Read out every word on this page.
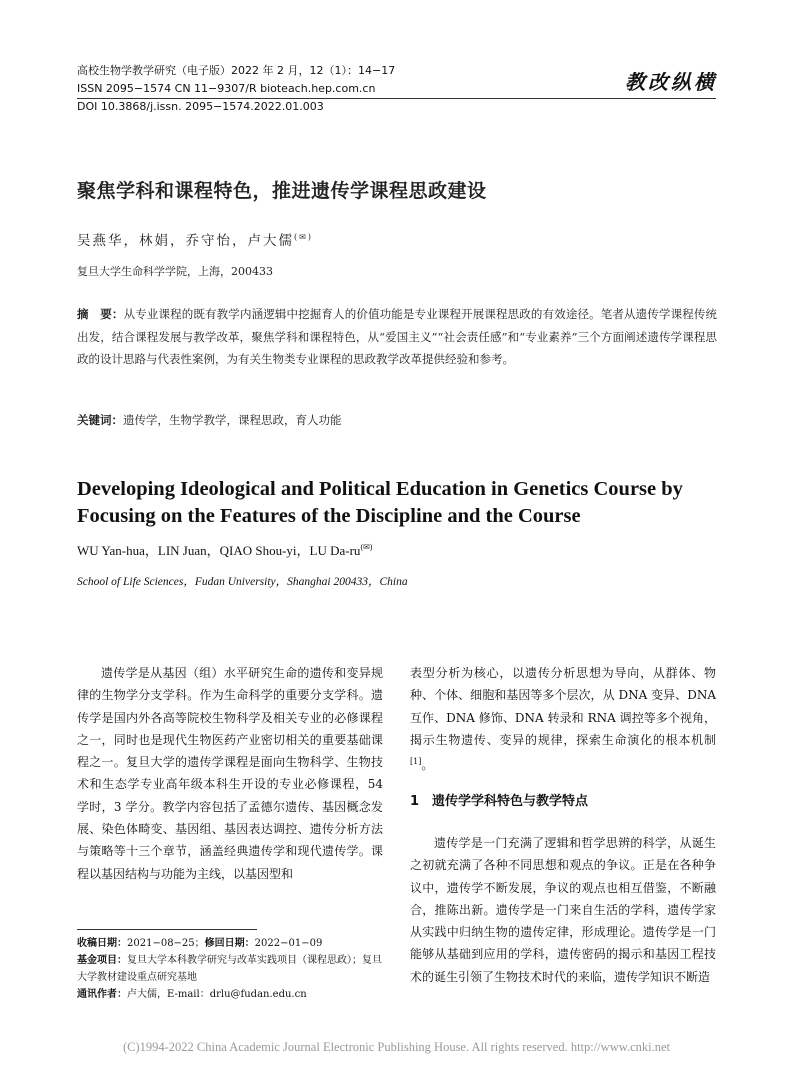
高校生物学教学研究（电子版）2022 年 2 月，12（1）：14−17
ISSN 2095−1574 CN 11−9307/R bioteach.hep.com.cn
DOI 10.3868/j.issn. 2095−1574.2022.01.003
教改纵横
聚焦学科和课程特色，推进遗传学课程思政建设
吴燕华，林娟，乔守怡，卢大儒(✉)
复旦大学生命科学学院，上海，200433
摘　要：从专业课程的既有教学内涵逻辑中挖掘育人的价值功能是专业课程开展课程思政的有效途径。笔者从遗传学课程传统出发，结合课程发展与教学改革，聚焦学科和课程特色，从“爱国主义”“社会责任感”和“专业素养”三个方面阐述遗传学课程思政的设计思路与代表性案例，为有关生物类专业课程的思政教学改革提供经验和参考。
关键词：遗传学，生物学教学，课程思政，育人功能
Developing Ideological and Political Education in Genetics Course by Focusing on the Features of the Discipline and the Course
WU Yan-hua，LIN Juan，QIAO Shou-yi，LU Da-ru(✉)
School of Life Sciences，Fudan University，Shanghai 200433，China
遗传学是从基因（组）水平研究生命的遗传和变异规律的生物学分支学科。作为生命科学的重要分支学科。遗传学是国内外各高等院校生物科学及相关专业的必修课程之一，同时也是现代生物医药产业密切相关的重要基础课程之一。复旦大学的遗传学课程是面向生物科学、生物技术和生态学专业高年级本科生开设的专业必修课程，54 学时，3 学分。教学内容包括了孟德尔遗传、基因概念发展、染色体畸变、基因组、基因表达调控、遗传分析方法与策略等十三个章节，涵盖经典遗传学和现代遗传学。课程以基因结构与功能为主线，以基因型和
表型分析为核心，以遗传分析思想为导向，从群体、物种、个体、细胞和基因等多个层次，从 DNA 变异、DNA 互作、DNA 修饰、DNA 转录和 RNA 调控等多个视角，揭示生物遗传、变异的规律，探索生命演化的根本机制[1]。
1　遗传学学科特色与教学特点
遗传学是一门充满了逻辑和哲学思辨的科学，从诞生之初就充满了各种不同思想和观点的争议。正是在各种争议中，遗传学不断发展，争议的观点也相互借鉴，不断融合，推陈出新。遗传学是一门来自生活的学科，遗传学家从实践中归纳生物的遗传定律，形成理论。遗传学是一门能够从基础到应用的学科，遗传密码的揭示和基因工程技术的诞生引领了生物技术时代的来临，遗传学知识不断造
收稿日期：2021−08−25；修回日期：2022−01−09
基金项目：复旦大学本科教学研究与改革实践项目（课程思政）；复旦大学教材建设重点研究基地
通讯作者：卢大儒，E-mail：drlu@fudan.edu.cn
(C)1994-2022 China Academic Journal Electronic Publishing House. All rights reserved. http://www.cnki.net
